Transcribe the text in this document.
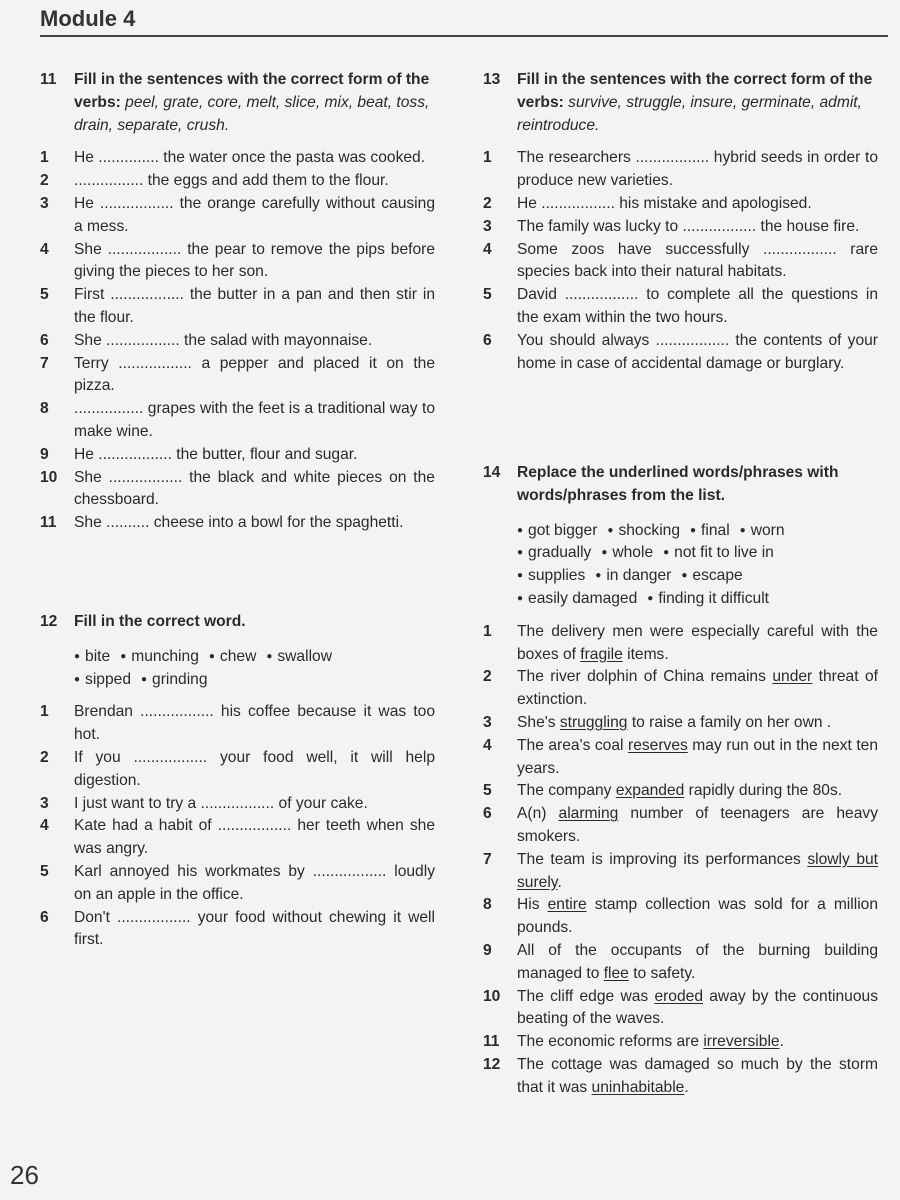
Module 4
11	Fill in the sentences with the correct form of the verbs: peel, grate, core, melt, slice, mix, beat, toss, drain, separate, crush.
1	He .............. the water once the pasta was cooked.
2	................ the eggs and add them to the flour.
3	He ................. the orange carefully without causing a mess.
4	She ................. the pear to remove the pips before giving the pieces to her son.
5	First ................. the butter in a pan and then stir in the flour.
6	She ................. the salad with mayonnaise.
7	Terry ................. a pepper and placed it on the pizza.
8	................ grapes with the feet is a traditional way to make wine.
9	He ................. the butter, flour and sugar.
10	She ................. the black and white pieces on the chessboard.
11	She .......... cheese into a bowl for the spaghetti.
12	Fill in the correct word.
● bite ● munching ● chew ● swallow● sipped ● grinding
1	Brendan ................. his coffee because it was too hot.
2	If you ................. your food well, it will help digestion.
3	I just want to try a ................. of your cake.
4	Kate had a habit of ................. her teeth when she was angry.
5	Karl annoyed his workmates by ................. loudly on an apple in the office.
6	Don't ................. your food without chewing it well first.
13	Fill in the sentences with the correct form of the verbs: survive, struggle, insure, germinate, admit, reintroduce.
1	The researchers ................. hybrid seeds in order to produce new varieties.
2	He ................. his mistake and apologised.
3	The family was lucky to ................. the house fire.
4	Some zoos have successfully ................. rare species back into their natural habitats.
5	David ................. to complete all the questions in the exam within the two hours.
6	You should always ................. the contents of your home in case of accidental damage or burglary.
14	Replace the underlined words/phrases with words/phrases from the list.
● got bigger ● shocking ● final ● worn● gradually ● whole ● not fit to live in● supplies ● in danger ● escape● easily damaged ● finding it difficult
1	The delivery men were especially careful with the boxes of fragile items.
2	The river dolphin of China remains under threat of extinction.
3	She's struggling to raise a family on her own .
4	The area's coal reserves may run out in the next ten years.
5	The company expanded rapidly during the 80s.
6	A(n) alarming number of teenagers are heavy smokers.
7	The team is improving its performances slowly but surely.
8	His entire stamp collection was sold for a million pounds.
9	All of the occupants of the burning building managed to flee to safety.
10	The cliff edge was eroded away by the continuous beating of the waves.
11	The economic reforms are irreversible.
12	The cottage was damaged so much by the storm that it was uninhabitable.
26
